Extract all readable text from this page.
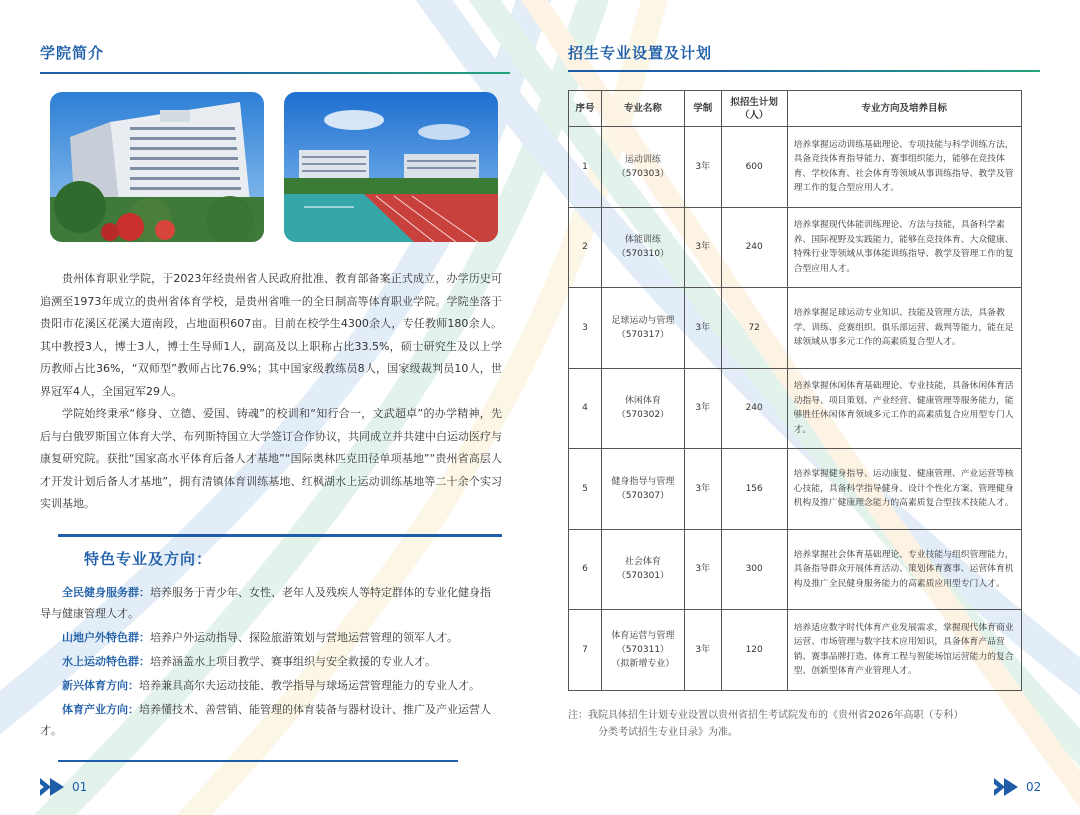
学院简介

贵州体育职业学院，于2023年经贵州省人民政府批准、教育部备案正式成立，办学历史可追溯至1973年成立的贵州省体育学校，是贵州省唯一的全日制高等体育职业学院。学院坐落于贵阳市花溪区花溪大道南段，占地面积607亩。目前在校学生4300余人，专任教师180余人。其中教授3人，博士3人，博士生导师1人，副高及以上职称占比33.5%，硕士研究生及以上学历教师占比36%，“双师型”教师占比76.9%；其中国家级教练员8人，国家级裁判员10人，世界冠军4人，全国冠军29人。

学院始终秉承“修身、立德、爱国、铸魂”的校训和“知行合一，文武超卓”的办学精神，先后与白俄罗斯国立体育大学、布列斯特国立大学签订合作协议，共同成立并共建中白运动医疗与康复研究院。获批“国家高水平体育后备人才基地”“国际奥林匹克田径单项基地”“贵州省高层人才开发计划后备人才基地”，拥有清镇体育训练基地、红枫湖水上运动训练基地等二十余个实习实训基地。

特色专业及方向：
全民健身服务群：培养服务于青少年、女性、老年人及残疾人等特定群体的专业化健身指导与健康管理人才。
山地户外特色群：培养户外运动指导、探险旅游策划与营地运营管理的领军人才。
水上运动特色群：培养涵盖水上项目教学、赛事组织与安全救援的专业人才。
新兴体育方向：培养兼具高尔夫运动技能、教学指导与球场运营管理能力的专业人才。
体育产业方向：培养懂技术、善营销、能管理的体育装备与器材设计、推广及产业运营人才。
01
招生专业设置及计划
序号	专业名称	学制	拟招生计划（人）	专业方向及培养目标
1	运动训练
（570303）	3年	600	培养掌握运动训练基础理论、专项技能与科学训练方法，具备竞技体育指导能力、赛事组织能力，能够在竞技体育、学校体育、社会体育等领域从事训练指导、教学及管理工作的复合型应用人才。
2	体能训练
（570310）	3年	240	培养掌握现代体能训练理论、方法与技能，具备科学素养、国际视野及实践能力，能够在竞技体育、大众健康、特殊行业等领域从事体能训练指导、教学及管理工作的复合型应用人才。
3	足球运动与管理
（570317）	3年	72	培养掌握足球运动专业知识、技能及管理方法，具备教学、训练、竞赛组织、俱乐部运营、裁判等能力，能在足球领域从事多元工作的高素质复合型人才。
4	休闲体育
（570302）	3年	240	培养掌握休闲体育基础理论、专业技能，具备休闲体育活动指导、项目策划、产业经营、健康管理等服务能力，能够胜任休闲体育领域多元工作的高素质复合应用型专门人才。
5	健身指导与管理
（570307）	3年	156	培养掌握健身指导、运动康复、健康管理、产业运营等核心技能，具备科学指导健身、设计个性化方案、管理健身机构及推广健康理念能力的高素质复合型技术技能人才。
6	社会体育
（570301）	3年	300	培养掌握社会体育基础理论、专业技能与组织管理能力，具备指导群众开展体育活动、策划体育赛事、运营体育机构及推广全民健身服务能力的高素质应用型专门人才。
7	体育运营与管理
（570311）
（拟新增专业）	3年	120	培养适应数字时代体育产业发展需求，掌握现代体育商业运营、市场管理与数字技术应用知识，具备体育产品营销、赛事品牌打造、体育工程与智能场馆运营能力的复合型、创新型体育产业管理人才。
注：我院具体招生计划专业设置以贵州省招生考试院发布的《贵州省2026年高职（专科）
分类考试招生专业目录》为准。
02
